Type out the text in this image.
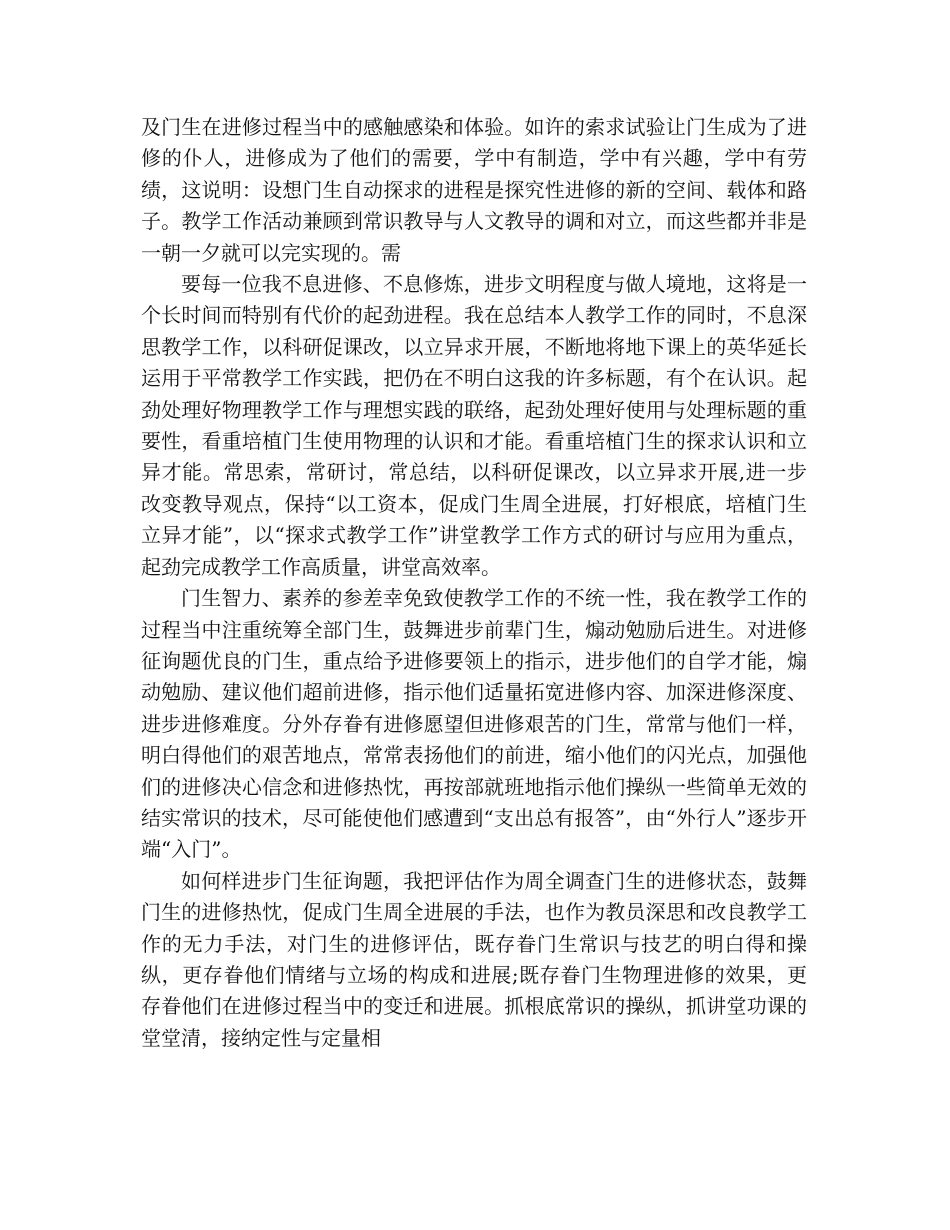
及门生在进修过程当中的感触感染和体验。如许的索求试验让门生成为了进修的仆人，进修成为了他们的需要，学中有制造，学中有兴趣，学中有劳绩，这说明：设想门生自动探求的进程是探究性进修的新的空间、载体和路子。教学工作活动兼顾到常识教导与人文教导的调和对立，而这些都并非是一朝一夕就可以完实现的。需

要每一位我不息进修、不息修炼，进步文明程度与做人境地，这将是一个长时间而特别有代价的起劲进程。我在总结本人教学工作的同时，不息深思教学工作，以科研促课改，以立异求开展，不断地将地下课上的英华延长运用于平常教学工作实践，把仍在不明白这我的许多标题，有个在认识。起劲处理好物理教学工作与理想实践的联络，起劲处理好使用与处理标题的重要性，看重培植门生使用物理的认识和才能。看重培植门生的探求认识和立异才能。常思索，常研讨，常总结，以科研促课改，以立异求开展,进一步改变教导观点，保持“以工资本，促成门生周全进展，打好根底，培植门生立异才能”，以“探求式教学工作”讲堂教学工作方式的研讨与应用为重点，起劲完成教学工作高质量，讲堂高效率。

门生智力、素养的参差幸免致使教学工作的不统一性，我在教学工作的过程当中注重统筹全部门生，鼓舞进步前辈门生，煽动勉励后进生。对进修征询题优良的门生，重点给予进修要领上的指示，进步他们的自学才能，煽动勉励、建议他们超前进修，指示他们适量拓宽进修内容、加深进修深度、进步进修难度。分外存眷有进修愿望但进修艰苦的门生，常常与他们一样，明白得他们的艰苦地点，常常表扬他们的前进，缩小他们的闪光点，加强他们的进修决心信念和进修热忱，再按部就班地指示他们操纵一些简单无效的结实常识的技术，尽可能使他们感遭到“支出总有报答”，由“外行人”逐步开端“入门”。

如何样进步门生征询题，我把评估作为周全调查门生的进修状态，鼓舞门生的进修热忱，促成门生周全进展的手法，也作为教员深思和改良教学工作的无力手法，对门生的进修评估，既存眷门生常识与技艺的明白得和操纵，更存眷他们情绪与立场的构成和进展;既存眷门生物理进修的效果，更存眷他们在进修过程当中的变迁和进展。抓根底常识的操纵，抓讲堂功课的堂堂清，接纳定性与定量相
